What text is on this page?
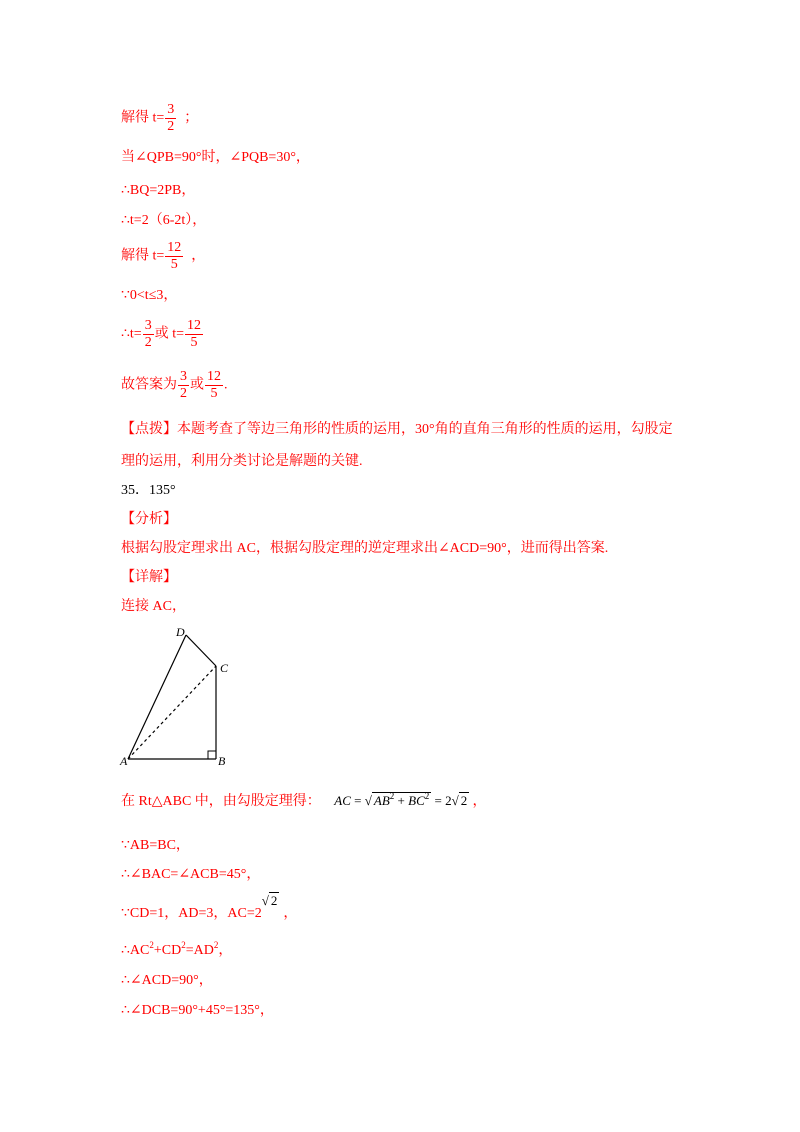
解得 $t= \frac{3}{2}$ ；
当∠QPB=90°时，∠PQB=30°，
∴BQ=2PB，
∴t=2（6-2t），
解得 $t= \frac{12}{5}$ ，
∵0<t≤3，
∴t= $\frac{3}{2}$ 或 $t= \frac{12}{5}$
故答案为 $\frac{3}{2}$ 或 $\frac{12}{5}$ .
【点拨】本题考查了等边三角形的性质的运用，30°角的直角三角形的性质的运用，勾股定
理的运用，利用分类讨论是解题的关键.
35．135°
【分析】
根据勾股定理求出 AC，根据勾股定理的逆定理求出∠ACD=90°，进而得出答案.
【详解】
连接 AC，
A	B
C
D
在 Rt△ABC 中，由勾股定理得： AC = √ $AB^2 + BC^2 = 2√$ 2 ，
∵AB=BC，
∴∠BAC=∠ACB=45°，
∵CD=1，AD=3，AC=2√ 2，
$\therefore AC^2+CD^2=AD^2$，
∴∠ACD=90°，
∴∠DCB=90°+45°=135°，
